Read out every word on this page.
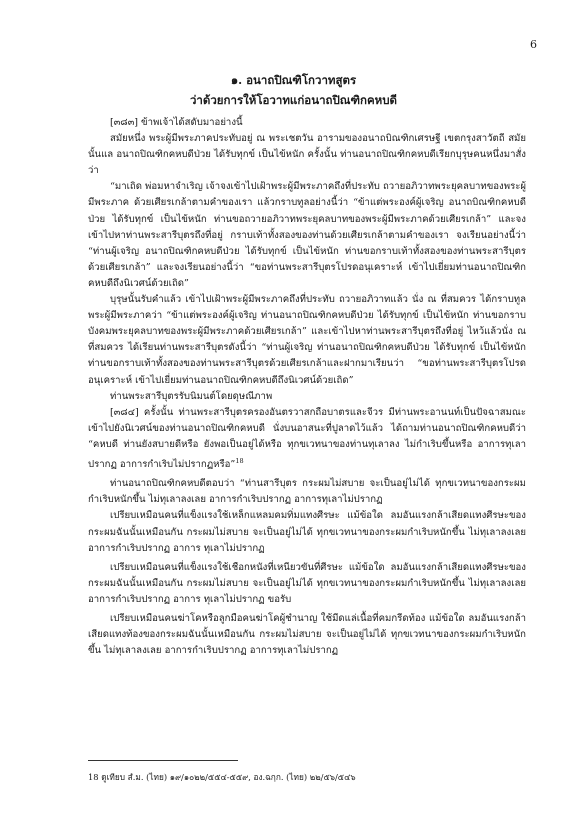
6
๑. อนาถปิณฑิโกวาทสูตร
ว่าด้วยการให้โอวาทแก่อนาถปิณฑิกคหบดี

[๓๘๓] ข้าพเจ้าได้สดับมาอย่างนี้

สมัยหนึ่ง พระผู้มีพระภาคประทับอยู่ ณ พระเชตวัน อารามของอนาถบิณฑิกเศรษฐี เขตกรุงสาวัตถี สมัยนั้นแล อนาถปิณฑิกคหบดีป่วย ได้รับทุกข์ เป็นไข้หนัก ครั้งนั้น ท่านอนาถปิณฑิกคหบดีเรียกบุรุษคนหนึ่งมาสั่งว่า

“มาเถิด พ่อมหาจำเริญ เจ้าจงเข้าไปเฝ้าพระผู้มีพระภาคถึงที่ประทับ ถวายอภิวาทพระยุคลบาทของพระผู้มีพระภาค ด้วยเศียรเกล้าตามคำของเรา แล้วกราบทูลอย่างนี้ว่า “ข้าแต่พระองค์ผู้เจริญ อนาถบิณฑิกคหบดีป่วย ได้รับทุกข์ เป็นไข้หนัก ท่านขอถวายอภิวาทพระยุคลบาทของพระผู้มีพระภาคด้วยเศียรเกล้า” และจงเข้าไปหาท่านพระสารีบุตรถึงที่อยู่ กราบเท้าทั้งสองของท่านด้วยเศียรเกล้าตามคำของเรา จงเรียนอย่างนี้ว่า “ท่านผู้เจริญ อนาถปิณฑิกคหบดีป่วย ได้รับทุกข์ เป็นไข้หนัก ท่านขอกราบเท้าทั้งสองของท่านพระสารีบุตรด้วยเศียรเกล้า” และจงเรียนอย่างนี้ว่า “ขอท่านพระสารีบุตรโปรดอนุเคราะห์ เข้าไปเยี่ยมท่านอนาถปิณฑิกคหบดีถึงนิเวศน์ด้วยเถิด”

บุรุษนั้นรับคำแล้ว เข้าไปเฝ้าพระผู้มีพระภาคถึงที่ประทับ ถวายอภิวาทแล้ว นั่ง ณ ที่สมควร ได้กราบทูลพระผู้มีพระภาคว่า “ข้าแต่พระองค์ผู้เจริญ ท่านอนาถปิณฑิกคหบดีป่วย ได้รับทุกข์ เป็นไข้หนัก ท่านขอกราบบังคมพระยุคลบาทของพระผู้มีพระภาคด้วยเศียรเกล้า” และเข้าไปหาท่านพระสารีบุตรถึงที่อยู่ ไหว้แล้วนั่ง ณ ที่สมควร ได้เรียนท่านพระสารีบุตรดังนี้ว่า “ท่านผู้เจริญ ท่านอนาถปิณฑิกคหบดีป่วย ได้รับทุกข์ เป็นไข้หนัก ท่านขอกราบเท้าทั้งสองของท่านพระสารีบุตรด้วยเศียรเกล้าและฝากมาเรียนว่า “ขอท่านพระสารีบุตรโปรดอนุเคราะห์ เข้าไปเยี่ยมท่านอนาถปิณฑิกคหบดีถึงนิเวศน์ด้วยเถิด”

ท่านพระสารีบุตรรับนิมนต์โดยดุษณีภาพ

[๓๘๔] ครั้งนั้น ท่านพระสารีบุตรครองอันตรวาสกถือบาตรและจีวร มีท่านพระอานนท์เป็นปัจฉาสมณะ เข้าไปยังนิเวศน์ของท่านอนาถปิณฑิกคหบดี นั่งบนอาสนะที่ปูลาดไว้แล้ว ได้ถามท่านอนาถปิณฑิกคหบดีว่า “คหบดี ท่านยังสบายดีหรือ ยังพอเป็นอยู่ได้หรือ ทุกขเวทนาของท่านทุเลาลง ไม่กำเริบขึ้นหรือ อาการทุเลาปรากฏ อาการกำเริบไม่ปรากฏหรือ”$^{18}$

ท่านอนาถปิณฑิกคหบดีตอบว่า “ท่านสารีบุตร กระผมไม่สบาย จะเป็นอยู่ไม่ได้ ทุกขเวทนาของกระผมกำเริบหนักขึ้น ไม่ทุเลาลงเลย อาการกำเริบปรากฏ อาการทุเลาไม่ปรากฏ

เปรียบเหมือนคนที่แข็งแรงใช้เหล็กแหลมคมทิ่มแทงศีรษะ แม้ข้อใด ลมอันแรงกล้าเสียดแทงศีรษะของกระผมฉันนั้นเหมือนกัน กระผมไม่สบาย จะเป็นอยู่ไม่ได้ ทุกขเวทนาของกระผมกำเริบหนักขึ้น ไม่ทุเลาลงเลย อาการกำเริบปรากฏ อาการ ทุเลาไม่ปรากฏ

เปรียบเหมือนคนที่แข็งแรงใช้เชือกหนังที่เหนียวขันที่ศีรษะ แม้ข้อใด ลมอันแรงกล้าเสียดแทงศีรษะของกระผมฉันนั้นเหมือนกัน กระผมไม่สบาย จะเป็นอยู่ไม่ได้ ทุกขเวทนาของกระผมกำเริบหนักขึ้น ไม่ทุเลาลงเลย อาการกำเริบปรากฏ อาการ ทุเลาไม่ปรากฏ ขอรับ

เปรียบเหมือนคนฆ่าโคหรือลูกมือคนฆ่าโคผู้ชำนาญ ใช้มีดแล่เนื้อที่คมกรีดท้อง แม้ข้อใด ลมอันแรงกล้าเสียดแทงท้องของกระผมฉันนั้นเหมือนกัน กระผมไม่สบาย จะเป็นอยู่ไม่ได้ ทุกขเวทนาของกระผมกำเริบหนักขึ้น ไม่ทุเลาลงเลย อาการกำเริบปรากฏ อาการทุเลาไม่ปรากฏ

18 ดูเทียบ สํ.ม. (ไทย) ๑๙/๑๐๒๒/๕๕๔-๕๕๙, อง.ฉกฺก. (ไทย) ๒๒/๕๖/๕๔๖
